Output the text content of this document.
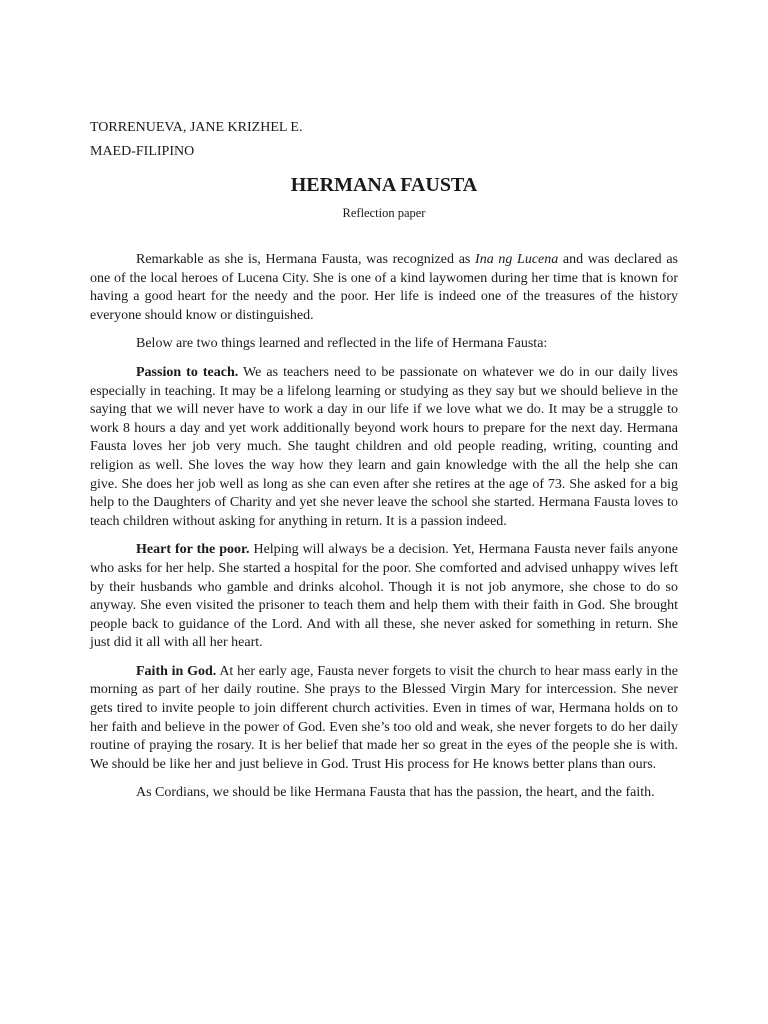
TORRENUEVA, JANE KRIZHEL E.

MAED-FILIPINO

HERMANA FAUSTA

Reflection paper

Remarkable as she is, Hermana Fausta, was recognized as Ina ng Lucena and was declared as one of the local heroes of Lucena City. She is one of a kind laywomen during her time that is known for having a good heart for the needy and the poor. Her life is indeed one of the treasures of the history everyone should know or distinguished.

Below are two things learned and reflected in the life of Hermana Fausta:

Passion to teach. We as teachers need to be passionate on whatever we do in our daily lives especially in teaching. It may be a lifelong learning or studying as they say but we should believe in the saying that we will never have to work a day in our life if we love what we do. It may be a struggle to work 8 hours a day and yet work additionally beyond work hours to prepare for the next day. Hermana Fausta loves her job very much. She taught children and old people reading, writing, counting and religion as well. She loves the way how they learn and gain knowledge with the all the help she can give. She does her job well as long as she can even after she retires at the age of 73. She asked for a big help to the Daughters of Charity and yet she never leave the school she started. Hermana Fausta loves to teach children without asking for anything in return. It is a passion indeed.

Heart for the poor. Helping will always be a decision. Yet, Hermana Fausta never fails anyone who asks for her help. She started a hospital for the poor. She comforted and advised unhappy wives left by their husbands who gamble and drinks alcohol. Though it is not job anymore, she chose to do so anyway. She even visited the prisoner to teach them and help them with their faith in God. She brought people back to guidance of the Lord. And with all these, she never asked for something in return. She just did it all with all her heart.

Faith in God. At her early age, Fausta never forgets to visit the church to hear mass early in the morning as part of her daily routine. She prays to the Blessed Virgin Mary for intercession. She never gets tired to invite people to join different church activities. Even in times of war, Hermana holds on to her faith and believe in the power of God. Even she’s too old and weak, she never forgets to do her daily routine of praying the rosary. It is her belief that made her so great in the eyes of the people she is with. We should be like her and just believe in God. Trust His process for He knows better plans than ours.

As Cordians, we should be like Hermana Fausta that has the passion, the heart, and the faith.
